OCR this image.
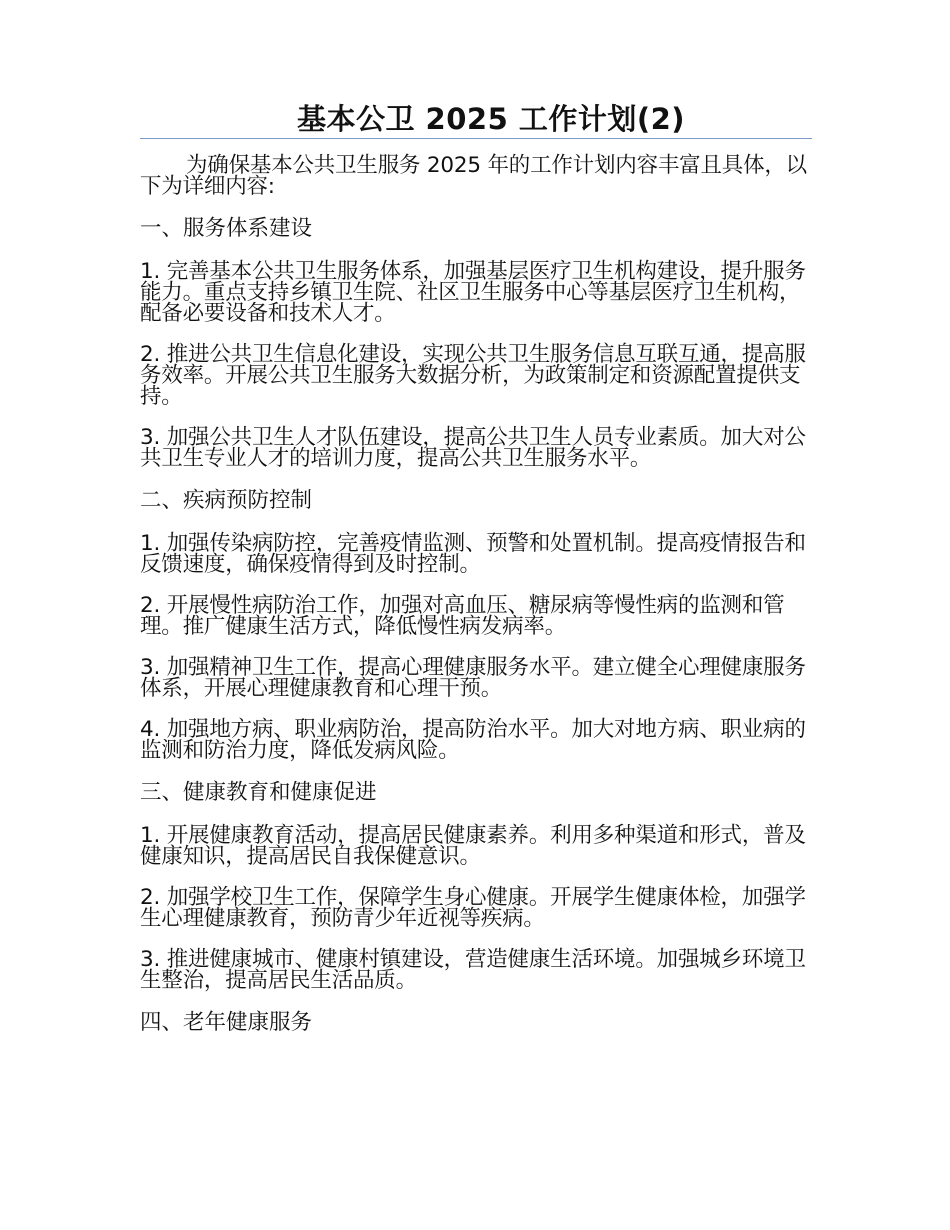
基本公卫 2025 工作计划(2)

为确保基本公共卫生服务 2025 年的工作计划内容丰富且具体，以下为详细内容:

一、服务体系建设

1. 完善基本公共卫生服务体系，加强基层医疗卫生机构建设，提升服务能力。重点支持乡镇卫生院、社区卫生服务中心等基层医疗卫生机构，配备必要设备和技术人才。

2. 推进公共卫生信息化建设，实现公共卫生服务信息互联互通，提高服务效率。开展公共卫生服务大数据分析，为政策制定和资源配置提供支持。

3. 加强公共卫生人才队伍建设，提高公共卫生人员专业素质。加大对公共卫生专业人才的培训力度，提高公共卫生服务水平。

二、疾病预防控制

1. 加强传染病防控，完善疫情监测、预警和处置机制。提高疫情报告和反馈速度，确保疫情得到及时控制。

2. 开展慢性病防治工作，加强对高血压、糖尿病等慢性病的监测和管理。推广健康生活方式，降低慢性病发病率。

3. 加强精神卫生工作，提高心理健康服务水平。建立健全心理健康服务体系，开展心理健康教育和心理干预。

4. 加强地方病、职业病防治，提高防治水平。加大对地方病、职业病的监测和防治力度，降低发病风险。

三、健康教育和健康促进

1. 开展健康教育活动，提高居民健康素养。利用多种渠道和形式，普及健康知识，提高居民自我保健意识。

2. 加强学校卫生工作，保障学生身心健康。开展学生健康体检，加强学生心理健康教育，预防青少年近视等疾病。

3. 推进健康城市、健康村镇建设，营造健康生活环境。加强城乡环境卫生整治，提高居民生活品质。

四、老年健康服务
